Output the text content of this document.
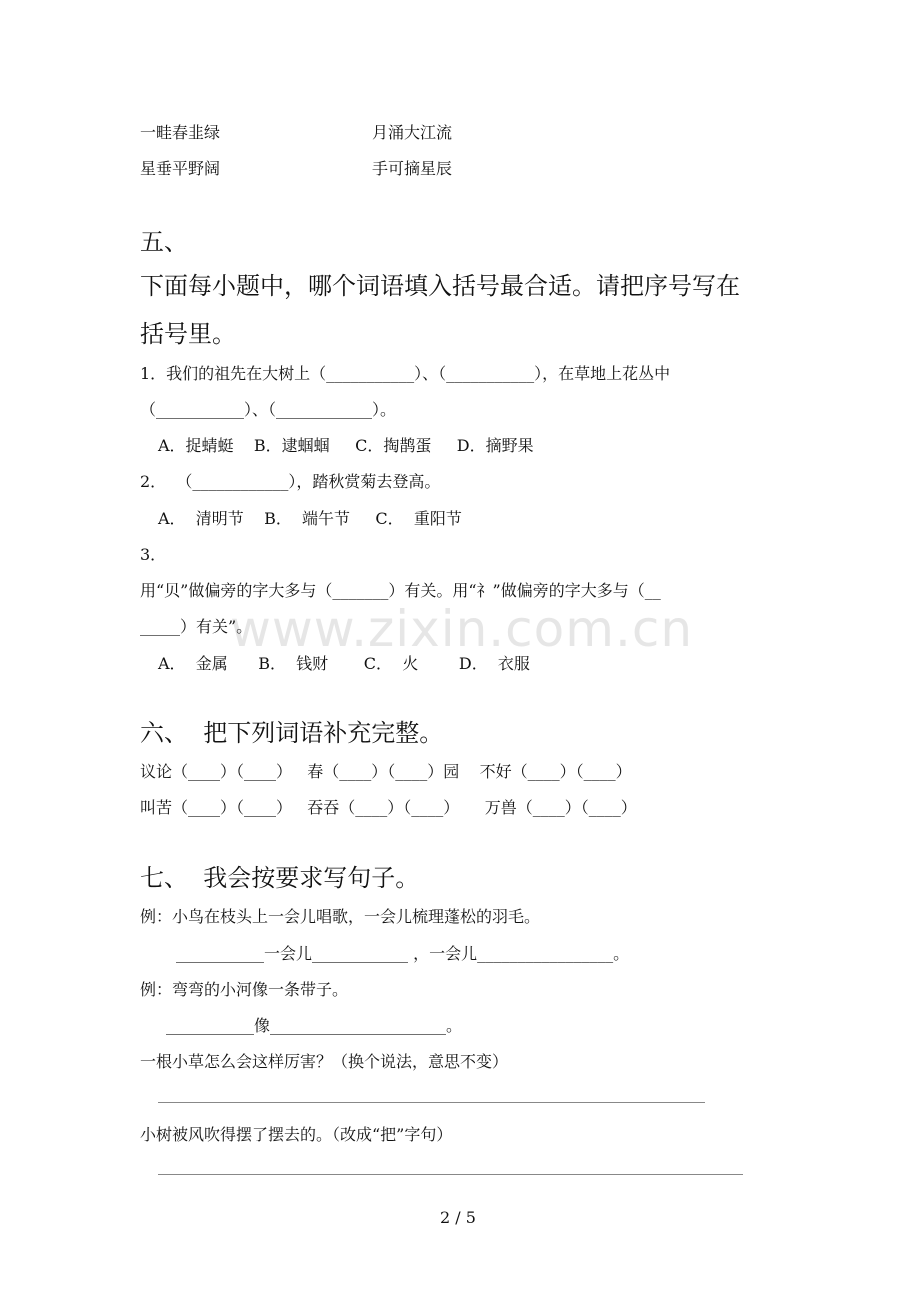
www.zixin.com.cn
一畦春韭绿	月涌大江流
星垂平野阔	手可摘星辰
五、
下面每小题中，哪个词语填入括号最合适。请把序号写在
括号里。
1．我们的祖先在大树上（___________）、（___________），在草地上花丛中
（___________）、（____________）。
A．捉蜻蜓    B．逮蝈蝈     C．掏鹊蛋     D．摘野果
2．  （____________），踏秋赏菊去登高。
A．  清明节    B．  端午节     C．  重阳节
3．
用“贝”做偏旁的字大多与（_______）有关。用“礻”做偏旁的字大多与（__
_____）有关”。
A．  金属      B．  钱财       C．  火        D．  衣服
六、  把下列词语补充完整。
议论（____）（____）   春（____）（____）园    不好（____）（____）
叫苦（____）（____）   吞吞（____）（____）     万兽（____）（____）
七、  我会按要求写句子。
例：小鸟在枝头上一会儿唱歌，一会儿梳理蓬松的羽毛。
___________一会儿____________ ，一会儿_________________。
例：弯弯的小河像一条带子。
___________像______________________。
一根小草怎么会这样厉害？（换个说法，意思不变）
小树被风吹得摆了摆去的。（改成“把”字句）
2 / 5
